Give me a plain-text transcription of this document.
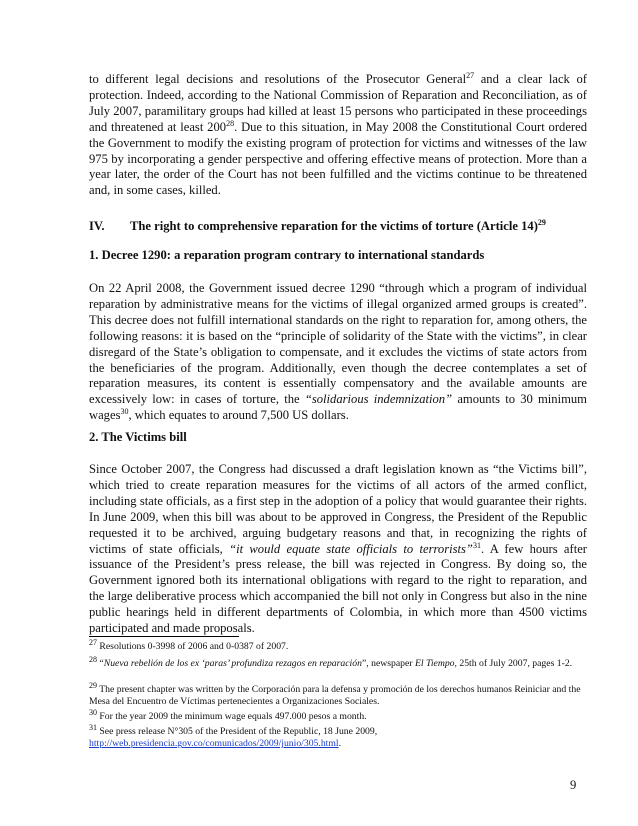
to different legal decisions and resolutions of the Prosecutor General$^{27}$ and a clear lack of protection. Indeed, according to the National Commission of Reparation and Reconciliation, as of July 2007, paramilitary groups had killed at least 15 persons who participated in these proceedings and threatened at least $200^{28}$. Due to this situation, in May 2008 the Constitutional Court ordered the Government to modify the existing program of protection for victims and witnesses of the law 975 by incorporating a gender perspective and offering effective means of protection. More than a year later, the order of the Court has not been fulfilled and the victims continue to be threatened and, in some cases, killed.

IV. The right to comprehensive reparation for the victims of torture (Article 14)$^{29}$

1. Decree 1290: a reparation program contrary to international standards

On 22 April 2008, the Government issued decree 1290 “through which a program of individual reparation by administrative means for the victims of illegal organized armed groups is created”. This decree does not fulfill international standards on the right to reparation for, among others, the following reasons: it is based on the “principle of solidarity of the State with the victims”, in clear disregard of the State’s obligation to compensate, and it excludes the victims of state actors from the beneficiaries of the program. Additionally, even though the decree contemplates a set of reparation measures, its content is essentially compensatory and the available amounts are excessively low: in cases of torture, the “solidarious indemnization” amounts to 30 minimum wages$^{30}$, which equates to around 7,500 US dollars.

2. The Victims bill

Since October 2007, the Congress had discussed a draft legislation known as “the Victims bill”, which tried to create reparation measures for the victims of all actors of the armed conflict, including state officials, as a first step in the adoption of a policy that would guarantee their rights. In June 2009, when this bill was about to be approved in Congress, the President of the Republic requested it to be archived, arguing budgetary reasons and that, in recognizing the rights of victims of state officials, “it would equate state officials to terrorists”$^{31}$. A few hours after issuance of the President’s press release, the bill was rejected in Congress. By doing so, the Government ignored both its international obligations with regard to the right to reparation, and the large deliberative process which accompanied the bill not only in Congress but also in the nine public hearings held in different departments of Colombia, in which more than 4500 victims participated and made proposals.

$^{27}$ Resolutions 0-3998 of 2006 and 0-0387 of 2007.

$^{28}$ “Nueva rebelión de los ex ‘paras’ profundiza rezagos en reparación”, newspaper El Tiempo, 25th of July 2007, pages 1-2.

$^{29}$ The present chapter was written by the Corporación para la defensa y promoción de los derechos humanos Reiniciar and the Mesa del Encuentro de Víctimas pertenecientes a Organizaciones Sociales.

$^{30}$ For the year 2009 the minimum wage equals 497.000 pesos a month.

$^{31}$ See press release N°305 of the President of the Republic, 18 June 2009,
http://web.presidencia.gov.co/comunicados/2009/junio/305.html.

9
